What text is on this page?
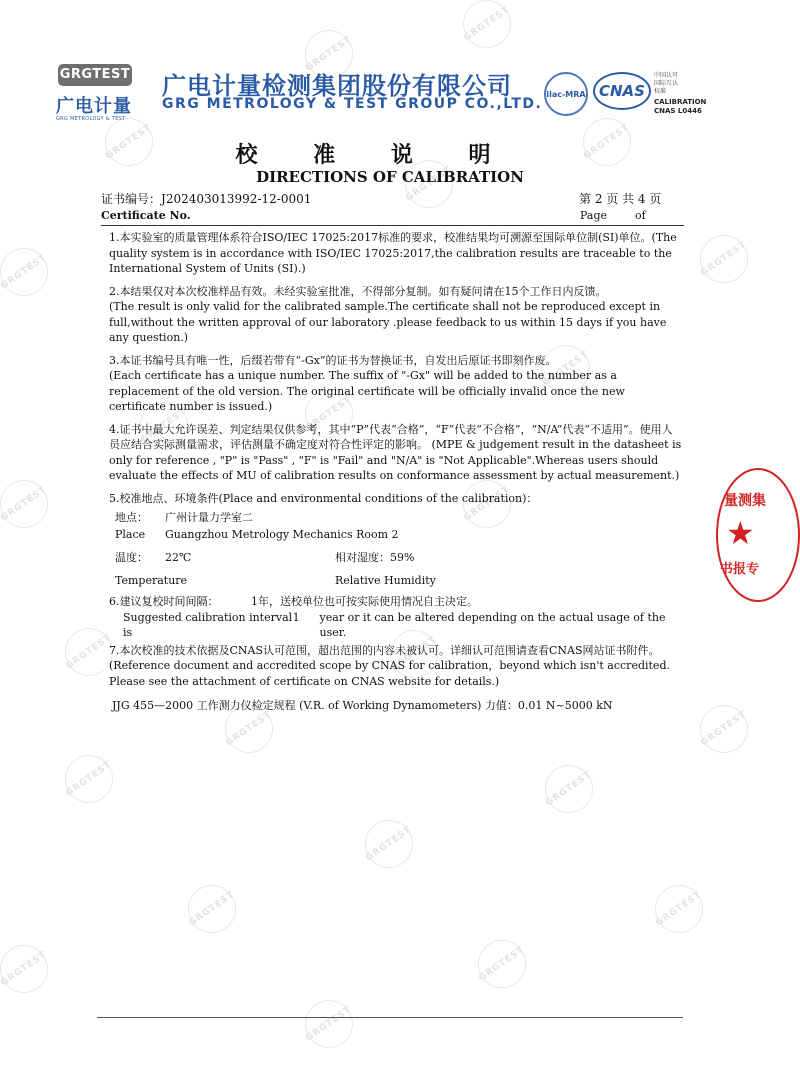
GRGTEST
GRGTEST
GRGTEST
GRGTEST
GRGTEST
GRGTEST
GRGTEST
GRGTEST
GRGTEST
GRGTEST
GRGTEST
GRGTEST
GRGTEST
GRGTEST
GRGTEST
GRGTEST
GRGTEST
GRGTEST
GRGTEST
GRGTEST
GRGTEST
GRGTEST
GRGTEST
GRGTEST
GRGTEST
广电计量
GRG METROLOGY & TEST
广电计量检测集团股份有限公司
GRG METROLOGY & TEST GROUP CO.,LTD.
ilac-MRA CNAS
中国认可
国际互认
校准
CALIBRATION
CNAS L0446
校 准 说 明
DIRECTIONS OF CALIBRATION
证书编号：J202403013992-12-0001
Certificate No.
第 2 页 共 4 页
Page	of
1.本实验室的质量管理体系符合ISO/IEC 17025:2017标准的要求，校准结果均可溯源至国际单位制(SI)单位。(The quality system is in accordance with ISO/IEC 17025:2017,the calibration results are traceable to the International System of Units (SI).)
2.本结果仅对本次校准样品有效。未经实验室批准，不得部分复制。如有疑问请在15个工作日内反馈。
(The result is only valid for the calibrated sample.The certificate shall not be reproduced except in full,without the written approval of our laboratory .please feedback to us within 15 days if you have any question.)
3.本证书编号具有唯一性，后缀若带有“-Gx”的证书为替换证书，自发出后原证书即刻作废。
(Each certificate has a unique number. The suffix of "-Gx" will be added to the number as a replacement of the old version. The original certificate will be officially invalid once the new certificate number is issued.)
4.证书中最大允许误差、判定结果仅供参考，其中“P”代表“合格”，“F”代表“不合格”，“N/A”代表“不适用”。使用人员应结合实际测量需求，评估测量不确定度对符合性评定的影响。 (MPE & judgement result in the datasheet is only for reference , "P" is "Pass" , "F" is "Fail" and "N/A" is "Not Applicable".Whereas users should evaluate the effects of MU of calibration results on conformance assessment by actual measurement.)
5.校准地点、环境条件(Place and environmental conditions of the calibration)：
地点：	广州计量力学室二
Place	Guangzhou Metrology Mechanics Room 2
温度：	22℃	相对湿度： 59%
Temperature	Relative Humidity
6.建议复校时间间隔：	1年 ，送校单位也可按实际使用情况自主决定。
Suggested calibration interval is
1	year or it can be altered depending on the actual usage of the user.
7.本次校准的技术依据及CNAS认可范围，超出范围的内容未被认可。详细认可范围请查看CNAS网站证书附件。(Reference document and accredited scope by CNAS for calibration，beyond which isn't accredited. Please see the attachment of certificate on CNAS website for details.)
JJG 455—2000 工作测力仪检定规程 (V.R. of Working Dynamometers) 力值：0.01 N~5000 kN
量测集
★
书报专
